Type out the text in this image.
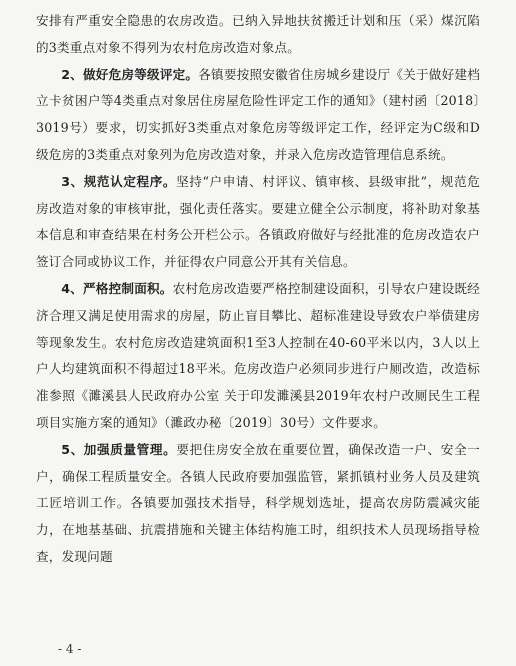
安排有严重安全隐患的农房改造。已纳入异地扶贫搬迁计划和压（采）煤沉陷的3类重点对象不得列为农村危房改造对象点。

2、做好危房等级评定。各镇要按照安徽省住房城乡建设厅《关于做好建档立卡贫困户等4类重点对象居住房屋危险性评定工作的通知》（建村函〔2018〕3019号）要求，切实抓好3类重点对象危房等级评定工作，经评定为C级和D级危房的3类重点对象列为危房改造对象，并录入危房改造管理信息系统。

3、规范认定程序。坚持“户申请、村评议、镇审核、县级审批”，规范危房改造对象的审核审批，强化责任落实。要建立健全公示制度，将补助对象基本信息和审查结果在村务公开栏公示。各镇政府做好与经批准的危房改造农户签订合同或协议工作，并征得农户同意公开其有关信息。

4、严格控制面积。农村危房改造要严格控制建设面积，引导农户建设既经济合理又满足使用需求的房屋，防止盲目攀比、超标准建设导致农户举债建房等现象发生。农村危房改造建筑面积1至3人控制在40-60平米以内，3人以上户人均建筑面积不得超过18平米。危房改造户必须同步进行户厕改造，改造标准参照《濉溪县人民政府办公室 关于印发濉溪县2019年农村户改厕民生工程项目实施方案的通知》（濉政办秘〔2019〕30号）文件要求。

5、加强质量管理。要把住房安全放在重要位置，确保改造一户、安全一户，确保工程质量安全。各镇人民政府要加强监管，紧抓镇村业务人员及建筑工匠培训工作。各镇要加强技术指导，科学规划选址，提高农房防震减灾能力，在地基基础、抗震措施和关键主体结构施工时，组织技术人员现场指导检查，发现问题

- 4 -
